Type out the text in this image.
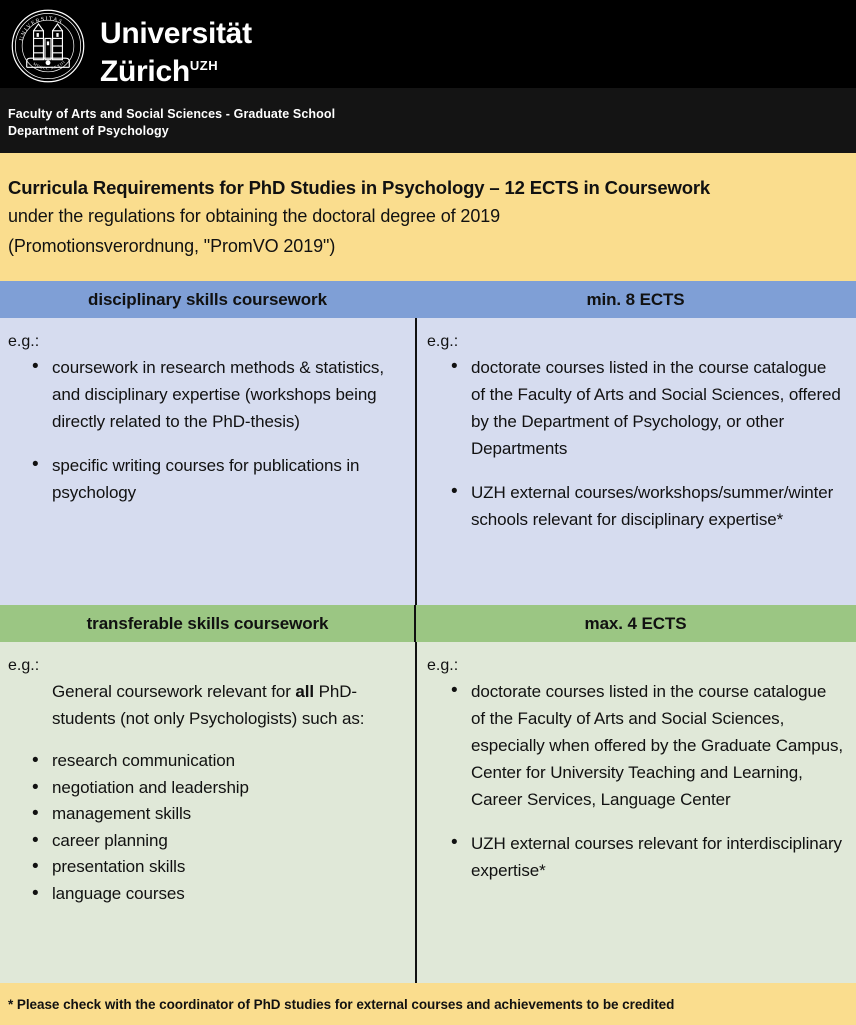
UNIVERSITAS
MDCCC XXXIII
Universität
Zürich$^{UZH}$
Faculty of Arts and Social Sciences - Graduate School
Department of Psychology
Curricula Requirements for PhD Studies in Psychology – 12 ECTS in Coursework
under the regulations for obtaining the doctoral degree of 2019
(Promotionsverordnung, "PromVO 2019")
disciplinary skills coursework	min. 8 ECTS
e.g.:
• coursework in research methods & statistics, and disciplinary expertise (workshops being directly related to the PhD-thesis)
• specific writing courses for publications in psychology
e.g.:
• doctorate courses listed in the course catalogue of the Faculty of Arts and Social Sciences, offered by the Department of Psychology, or other Departments
• UZH external courses/workshops/summer/winter schools relevant for disciplinary expertise*
transferable skills coursework	max. 4 ECTS
e.g.:
General coursework relevant for all PhD-students (not only Psychologists) such as:
• research communication
• negotiation and leadership
• management skills
• career planning
• presentation skills
• language courses
e.g.:
• doctorate courses listed in the course catalogue of the Faculty of Arts and Social Sciences, especially when offered by the Graduate Campus, Center for University Teaching and Learning, Career Services, Language Center
• UZH external courses relevant for interdisciplinary expertise*
* Please check with the coordinator of PhD studies for external courses and achievements to be credited
